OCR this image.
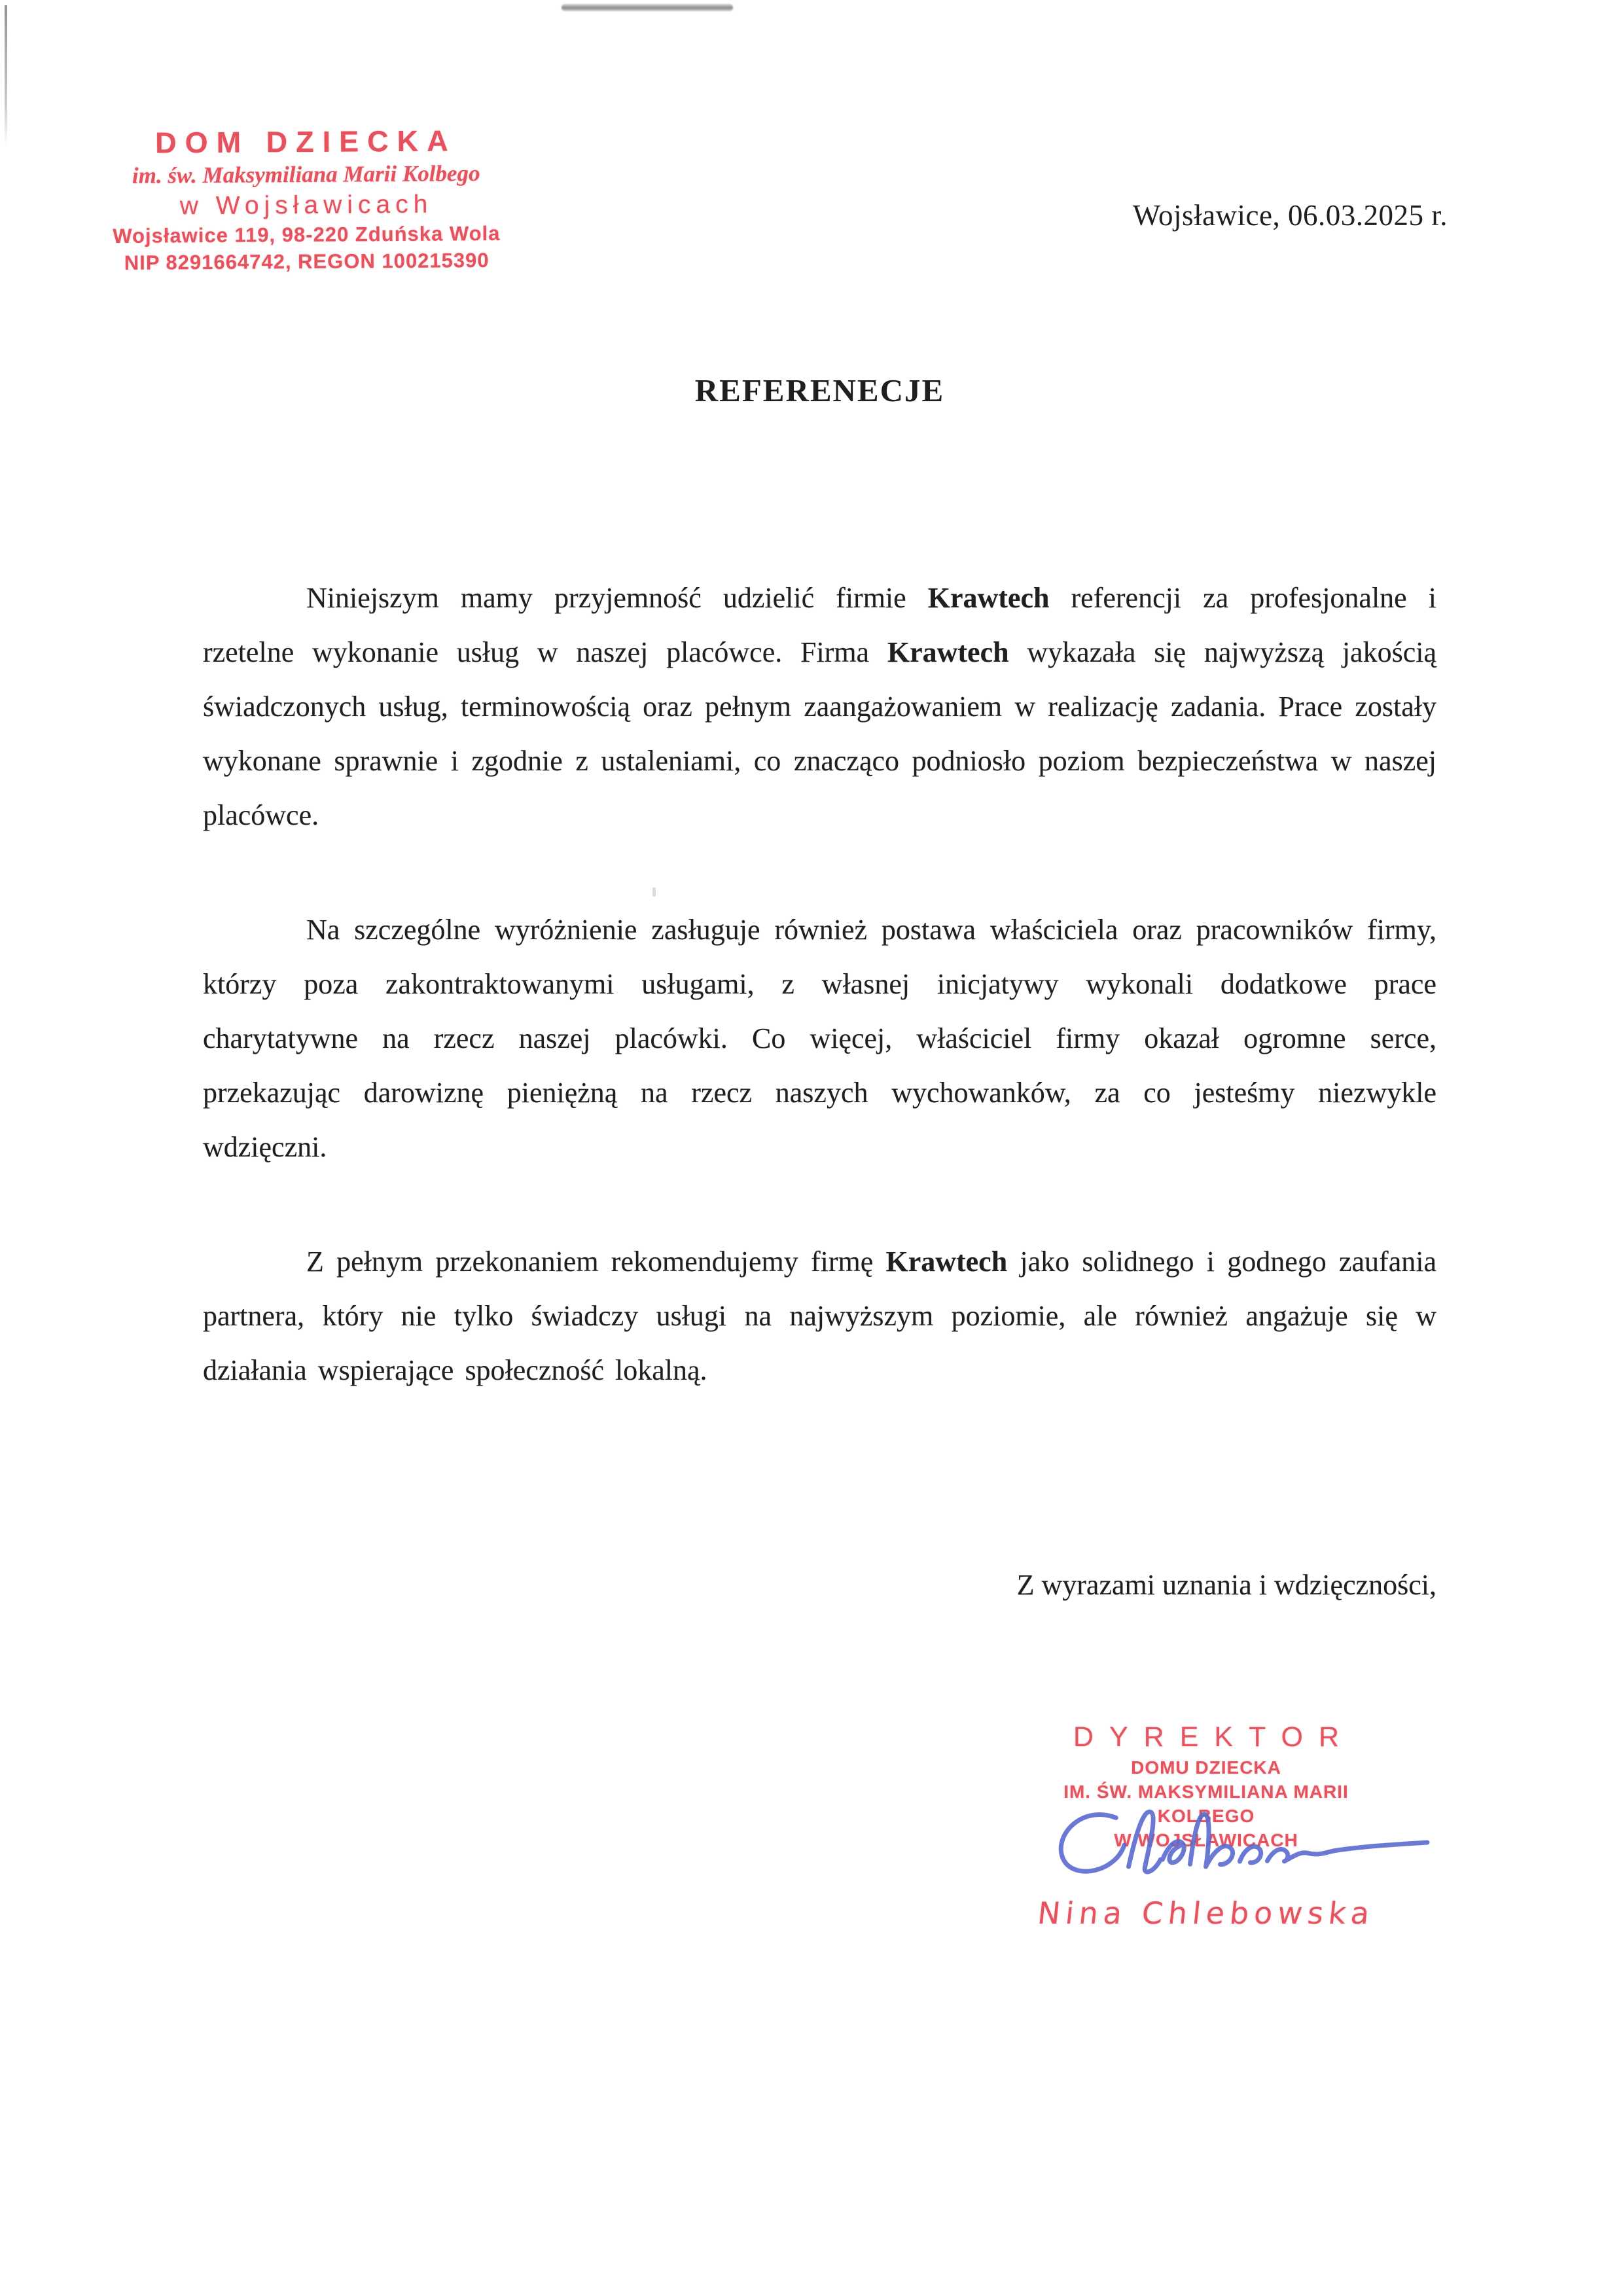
DOM DZIECKA
im. św. Maksymiliana Marii Kolbego
w Wojsławicach
Wojsławice 119, 98-220 Zduńska Wola
NIP 8291664742, REGON 100215390
Wojsławice, 06.03.2025 r.
REFERENECJE

Niniejszym mamy przyjemność udzielić firmie Krawtech referencji za profesjonalne i rzetelne wykonanie usług w naszej placówce. Firma Krawtech wykazała się najwyższą jakością świadczonych usług, terminowością oraz pełnym zaangażowaniem w realizację zadania. Prace zostały wykonane sprawnie i zgodnie z ustaleniami, co znacząco podniosło poziom bezpieczeństwa w naszej placówce.

Na szczególne wyróżnienie zasługuje również postawa właściciela oraz pracowników firmy, którzy poza zakontraktowanymi usługami, z własnej inicjatywy wykonali dodatkowe prace charytatywne na rzecz naszej placówki. Co więcej, właściciel firmy okazał ogromne serce, przekazując darowiznę pieniężną na rzecz naszych wychowanków, za co jesteśmy niezwykle wdzięczni.

Z pełnym przekonaniem rekomendujemy firmę Krawtech jako solidnego i godnego zaufania partnera, który nie tylko świadczy usługi na najwyższym poziomie, ale również angażuje się w działania wspierające społeczność lokalną.

Z wyrazami uznania i wdzięczności,
DYREKTOR
DOMU DZIECKA
IM. ŚW. MAKSYMILIANA MARII KOLBEGO
W WOJSŁAWICACH
Nina Chlebowska
